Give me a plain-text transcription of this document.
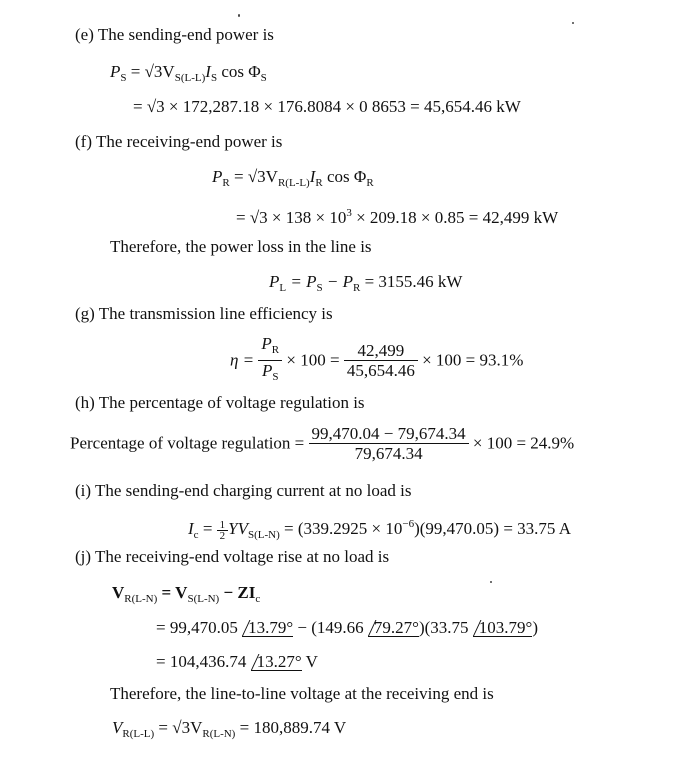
(e) The sending-end power is
$P_S = √3V_{S(L-L)}I_S$ $\cos \Phi_S$
= √3 × 172,287.18 × 176.8084 × 0 8653 = 45,654.46 kW
(f) The receiving-end power is
$P_R = √3V_{R(L-L)}I_R$ $\cos \Phi_R$
= $√3 \times 138 \times 10^3 \times 209.18 \times 0.85 = 42,499$ kW
Therefore, the power loss in the line is
$P_L = P_S - P_R = 3155.46$ kW
(g) The transmission line efficiency is
$\eta = \frac{P_R}{P_S} \times 100 = \frac{42,499}{45,654.46} \times 100 = 93.1\%$
(h) The percentage of voltage regulation is
Percentage of voltage regulation = $\frac{99,470.04 - 79,674.34}{79,674.34} \times 100 = 24.9\%$
(i) The sending-end charging current at no load is
$I_c = \frac{1}{2} YV_{S(L-N)} = (339.2925 \times 10^{-6})(99,470.05) = 33.75$ A
(j) The receiving-end voltage rise at no load is
$V_{R(L-N)} = V_{S(L-N)} - ZI_c$
= 99,470.05 13.79° − (149.66 79.27°)(33.75 103.79°)
= 104,436.74 13.27° V
Therefore, the line-to-line voltage at the receiving end is
$V_{R(L-L)} = √3V_{R(L-N)} = 180,889.74$ V
